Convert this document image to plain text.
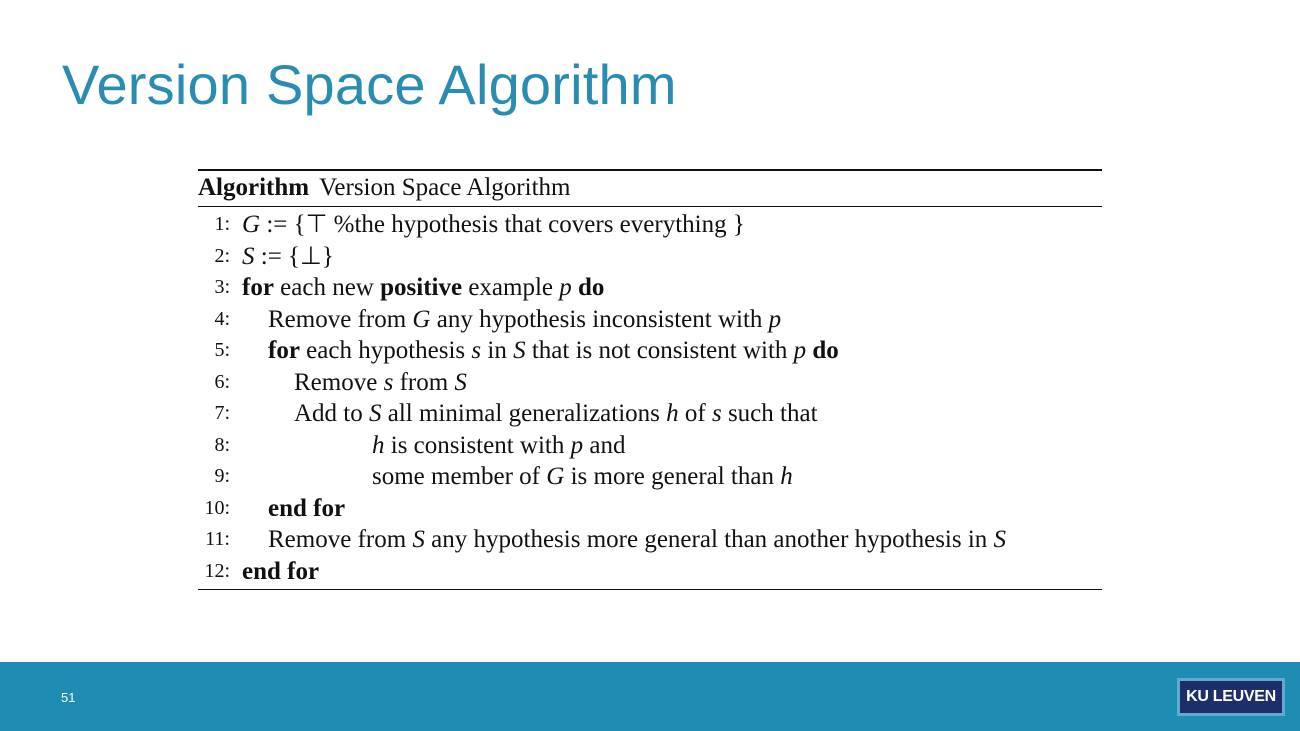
Version Space Algorithm
Algorithm Version Space Algorithm
1: G := {⊤ %the hypothesis that covers everything }
2: S := {⊥}
3: for each new positive example p do
4: Remove from G any hypothesis inconsistent with p
5: for each hypothesis s in S that is not consistent with p do
6:	Remove s from S
7:	Add to S all minimal generalizations h of s such that
8:	h is consistent with p and
9:	some member of G is more general than h
10: end for
11: Remove from S any hypothesis more general than another hypothesis in S
12: end for
51	KU LEUVEN
